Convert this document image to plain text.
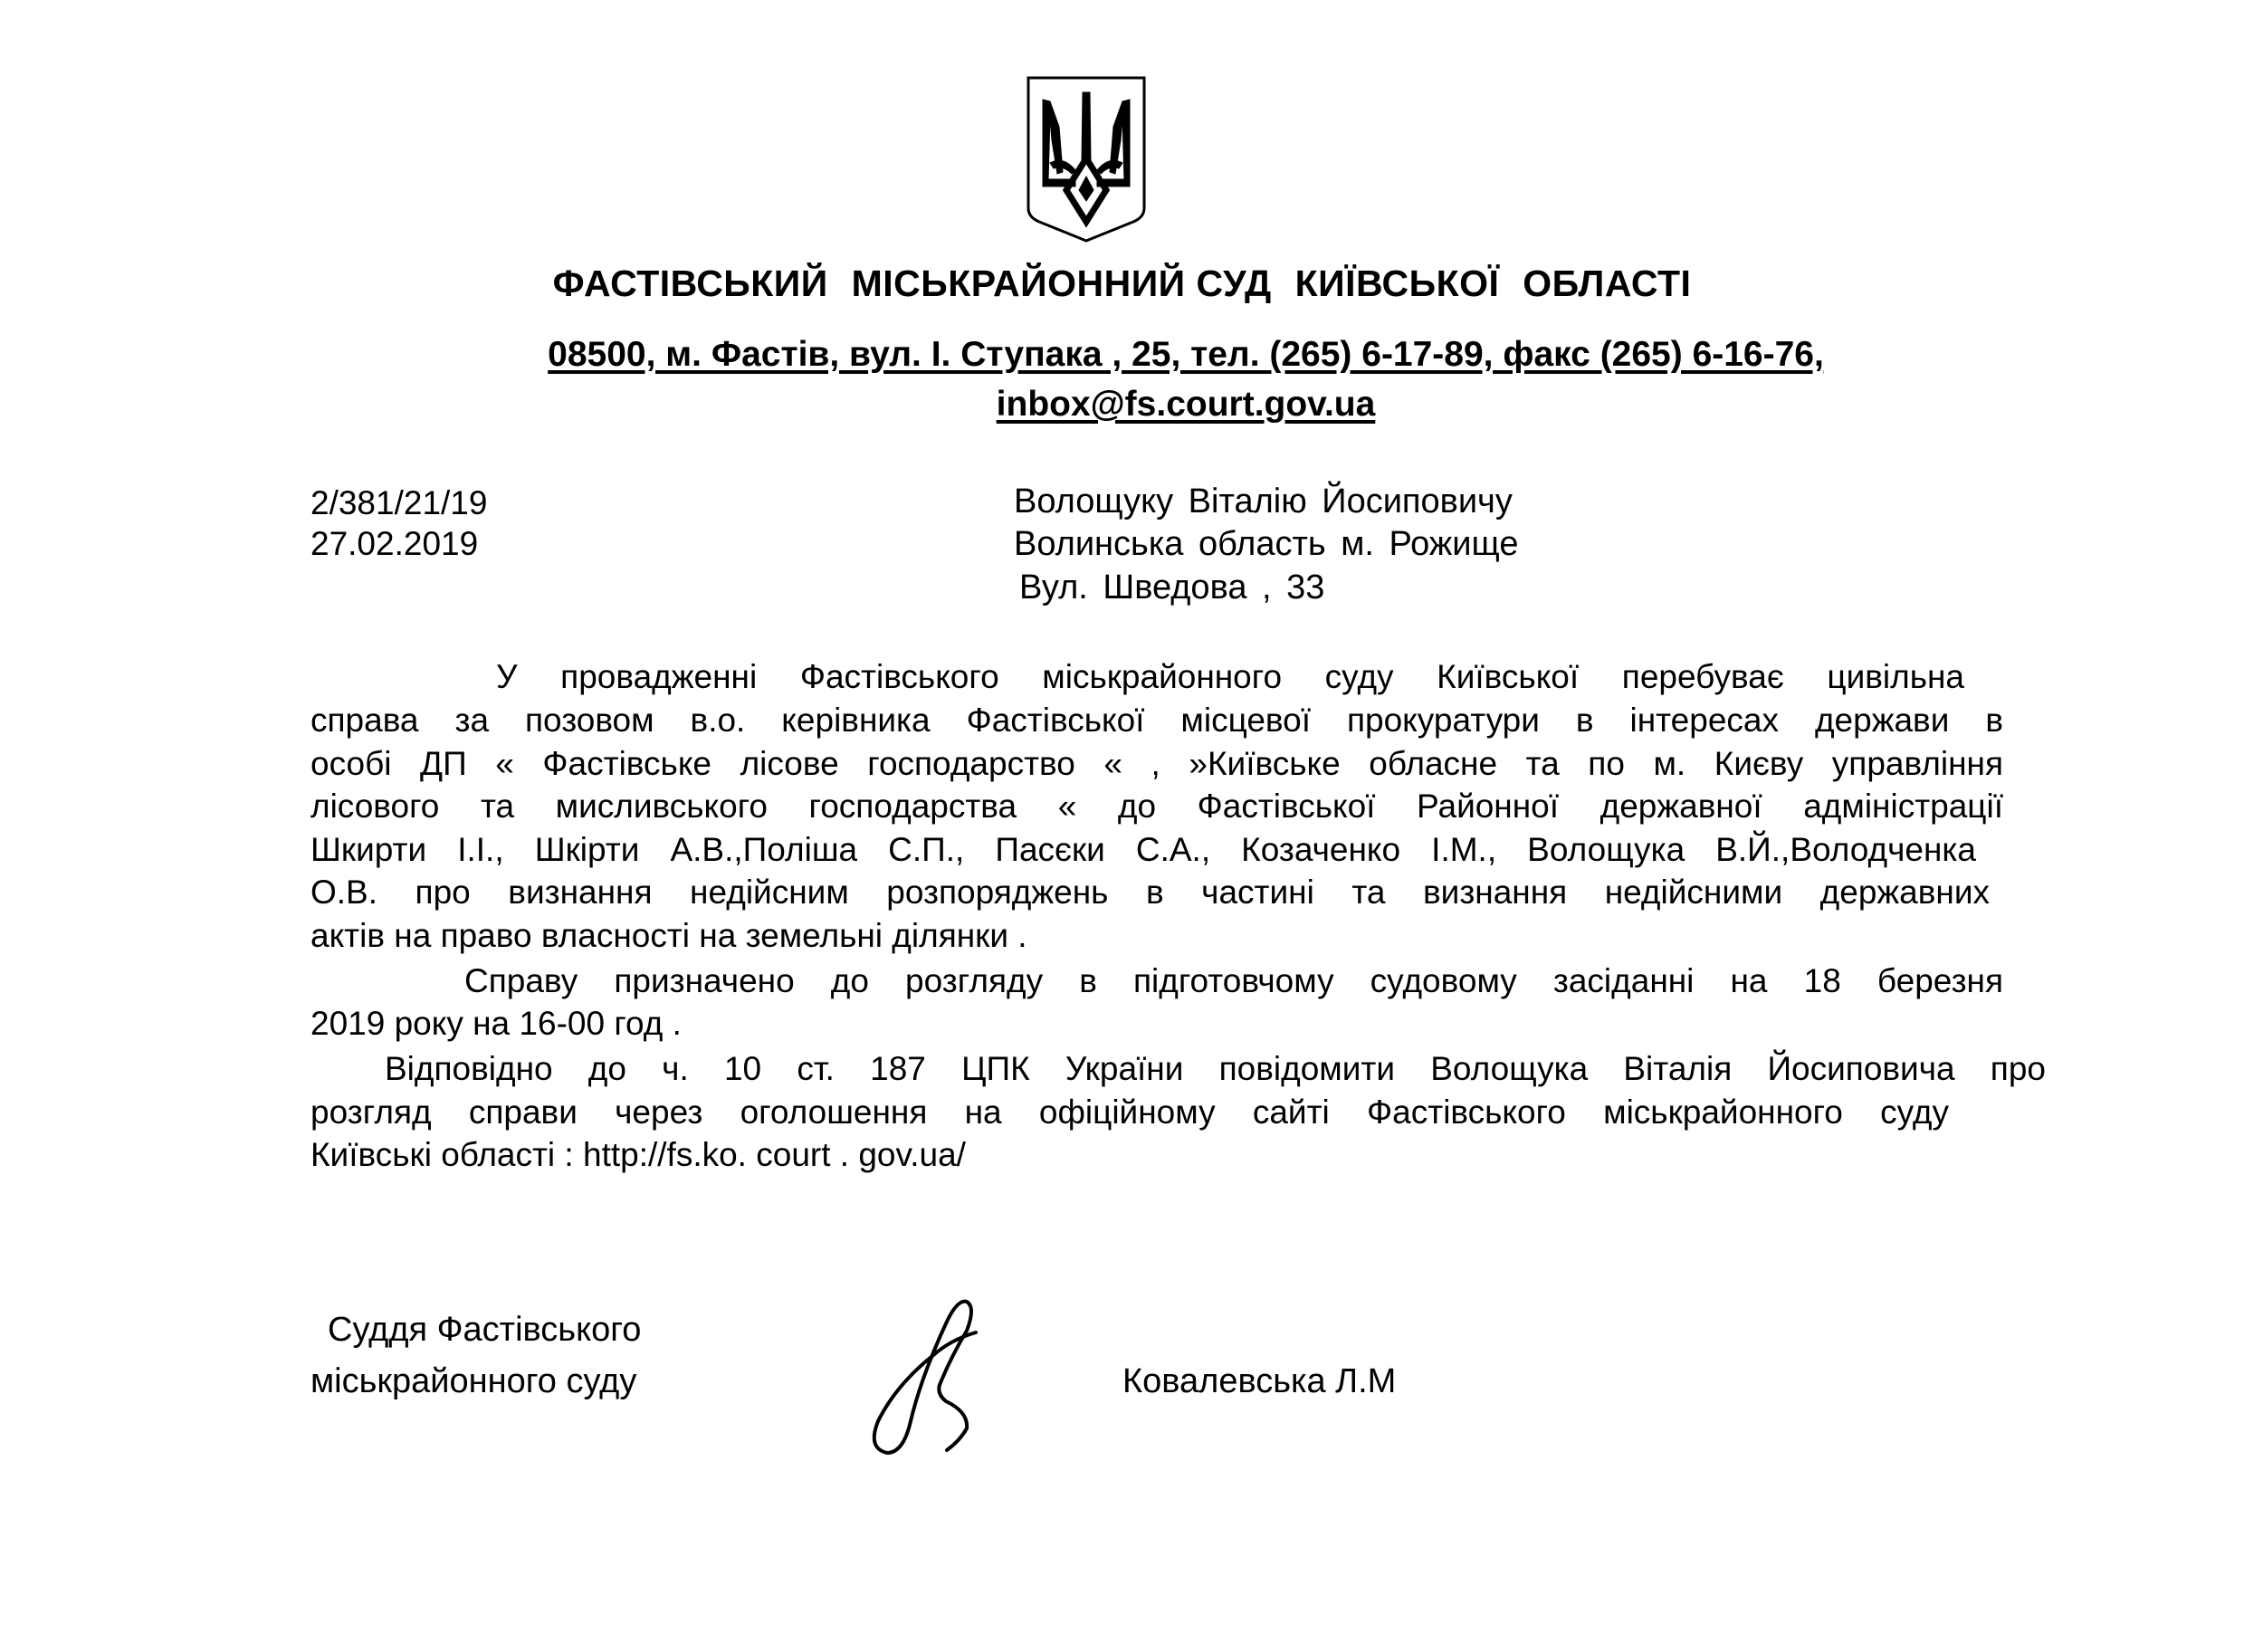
ФАСТІВСЬКИЙ МІСЬКРАЙОННИЙ СУД КИЇВСЬКОЇ ОБЛАСТІ
08500, м. Фастів, вул. І. Ступака , 25, тел. (265) 6-17-89, факс (265) 6-16-76,
inbox@fs.court.gov.ua
2/381/21/19
27.02.2019
Волощуку Віталію Йосиповичу
Волинська область м. Рожище
Вул. Шведова , 33
У провадженні Фастівського міськрайонного суду Київської перебуває цивільна
справа за позовом в.о. керівника Фастівської місцевої прокуратури в інтересах держави в
особі ДП « Фастівське лісове господарство « , »Київське обласне та по м. Києву управління
лісового та мисливського господарства « до Фастівської Районної державної адміністрації
Шкирти І.І., Шкірти А.В.,Поліша С.П., Пасєки С.А., Козаченко І.М., Волощука В.Й.,Володченка
О.В. про визнання недійсним розпоряджень в частині та визнання недійсними державних
актів на право власності на земельні ділянки .
Справу призначено до розгляду в підготовчому судовому засіданні на 18 березня
2019 року на 16-00 год .
Відповідно до ч. 10 ст. 187 ЦПК України повідомити Волощука Віталія Йосиповича про
розгляд справи через оголошення на офіційному сайті Фастівського міськрайонного суду
Київські області : http://fs.ko. court . gov.ua/
Суддя Фастівського
міськрайонного суду	Ковалевська Л.М
